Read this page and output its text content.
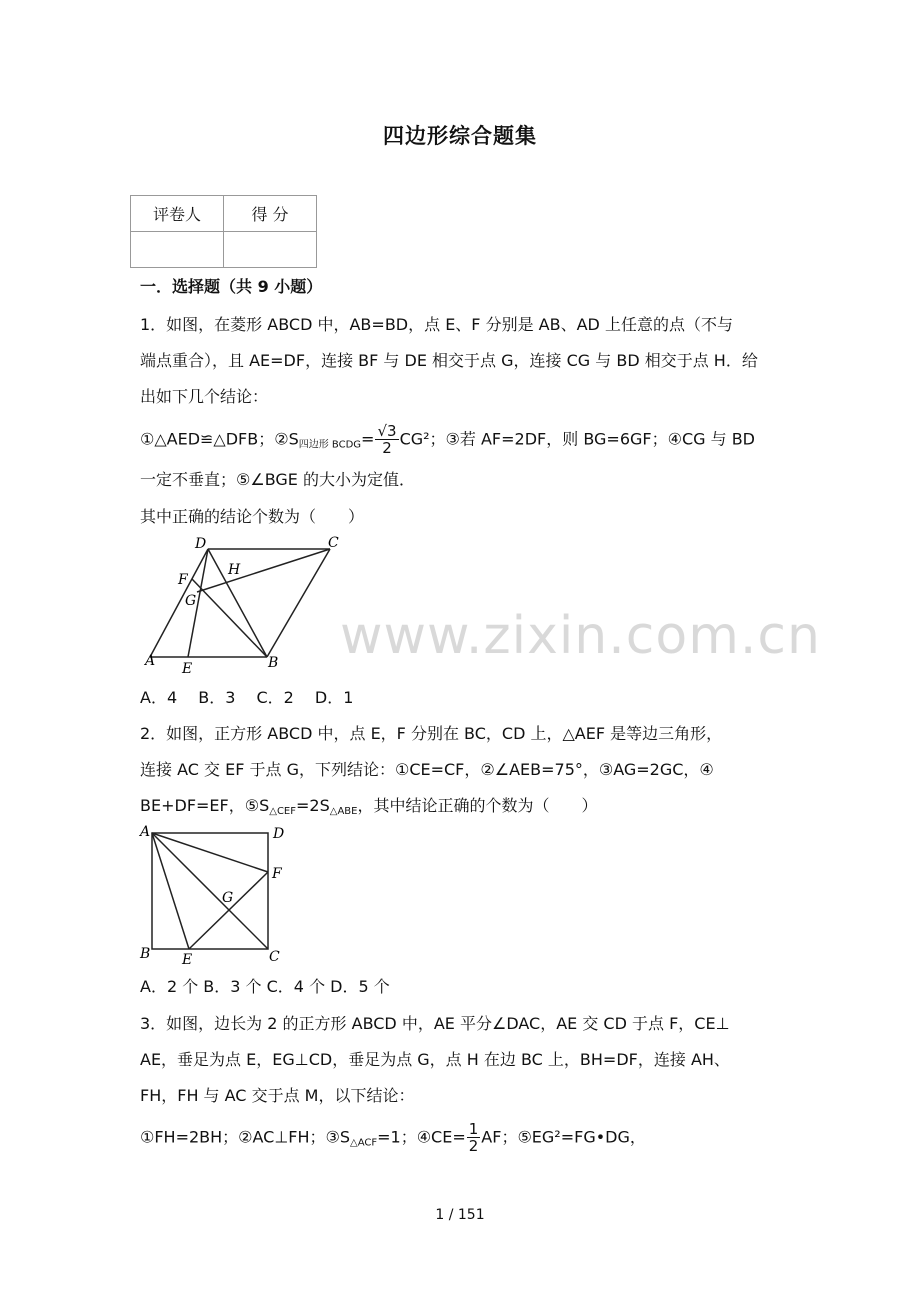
四边形综合题集
评卷人	得 分

一．选择题（共 9 小题）
1．如图，在菱形 ABCD 中，AB=BD，点 E、F 分别是 AB、AD 上任意的点（不与
端点重合），且 AE=DF，连接 BF 与 DE 相交于点 G，连接 CG 与 BD 相交于点 H．给
出如下几个结论：
①△AED≌△DFB；$②S_{四边形 BCDG}= \frac{√3}{2} CG^2$；③若 AF=2DF，则 BG=6GF；④CG 与 BD
一定不垂直；⑤∠BGE 的大小为定值．
其中正确的结论个数为（　　）
A	B
C
D
E
F
G
H
www.zixin.com.cn
A．4　 B．3　 C．2　 D．1
2．如图，正方形 ABCD 中，点 E，F 分别在 BC，CD 上，△AEF 是等边三角形，
连接 AC 交 EF 于点 G，下列结论：①CE=CF，②∠AEB=75°，③AG=2GC，④
BE+DF=EF，$⑤S_{\triangle CEF}=2S_{\triangle ABE}$，其中结论正确的个数为（　　）
A
B	C
D
E
F
G
A．2 个 B．3 个 C．4 个 D．5 个
3．如图，边长为 2 的正方形 ABCD 中，AE 平分∠DAC，AE 交 CD 于点 F，CE⊥
AE，垂足为点 E，EG⊥CD，垂足为点 G，点 H 在边 BC 上，BH=DF，连接 AH、
FH，FH 与 AC 交于点 M，以下结论：
①FH=2BH；②AC⊥FH；$③S_{\triangle ACF}=1$；④CE= $\frac{1}{2}$ AF；⑤EG²=FG•DG，
1 / 151
